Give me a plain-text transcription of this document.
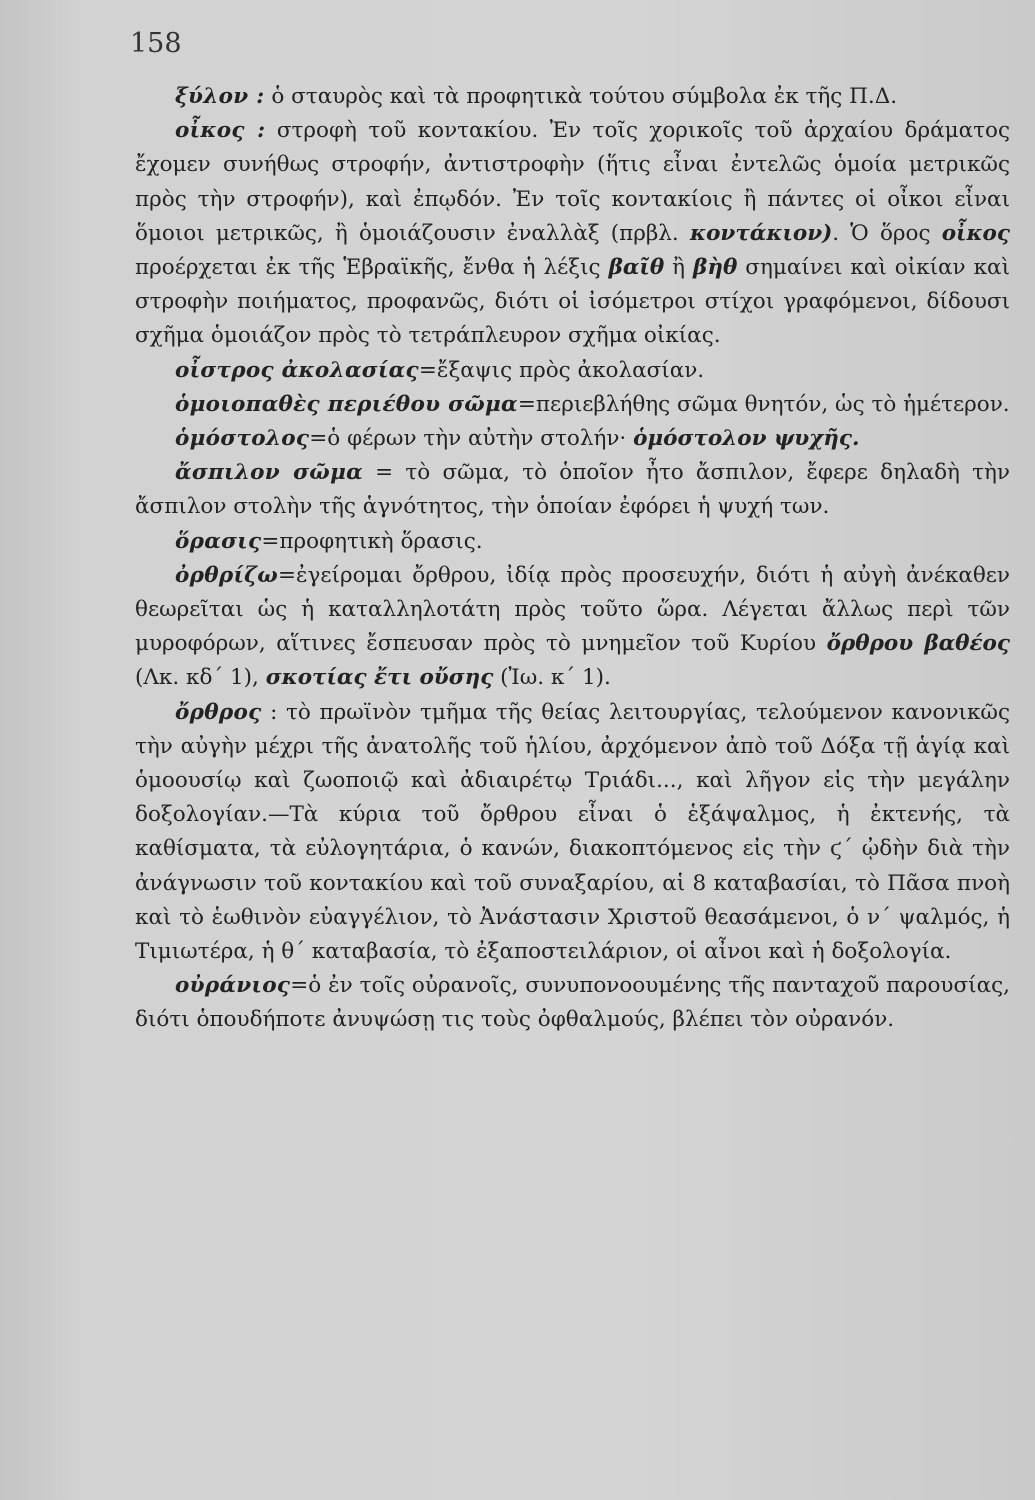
158

ξύλον : ὁ σταυρὸς καὶ τὰ προφητικὰ τούτου σύμβολα ἐκ τῆς Π.Δ.

οἶκος : στροφὴ τοῦ κοντακίου. Ἐν τοῖς χορικοῖς τοῦ ἀρχαίου δράματος ἔχομεν συνήθως στροφήν, ἀντιστροφὴν (ἥτις εἶναι ἐντελῶς ὁμοία μετρικῶς πρὸς τὴν στροφήν), καὶ ἐπῳδόν. Ἐν τοῖς κοντακίοις ἢ πάντες οἱ οἶκοι εἶναι ὅμοιοι μετρικῶς, ἢ ὁμοιάζουσιν ἐναλλὰξ (πρβλ. κοντάκιον). Ὁ ὅρος οἶκος προέρχεται ἐκ τῆς Ἑβραϊκῆς, ἔνθα ἡ λέξις βαῖθ ἢ βὴθ σημαίνει καὶ οἰκίαν καὶ στροφὴν ποιήματος, προφανῶς, διότι οἱ ἰσόμετροι στίχοι γραφόμενοι, δίδουσι σχῆμα ὁμοιάζον πρὸς τὸ τετράπλευρον σχῆμα οἰκίας.

οἶστρος ἀκολασίας=ἔξαψις πρὸς ἀκολασίαν.

ὁμοιοπαθὲς περιέθου σῶμα=περιεβλήθης σῶμα θνητόν, ὡς τὸ ἡμέτερον.

ὁμόστολος=ὁ φέρων τὴν αὐτὴν στολήν· ὁμόστολον ψυχῆς.

ἄσπιλον σῶμα = τὸ σῶμα, τὸ ὁποῖον ἦτο ἄσπιλον, ἔφερε δηλαδὴ τὴν ἄσπιλον στολὴν τῆς ἁγνότητος, τὴν ὁποίαν ἐφόρει ἡ ψυχή των.

ὅρασις=προφητικὴ ὅρασις.

ὀρθρίζω=ἐγείρομαι ὄρθρου, ἰδίᾳ πρὸς προσευχήν, διότι ἡ αὐγὴ ἀνέκαθεν θεωρεῖται ὡς ἡ καταλληλοτάτη πρὸς τοῦτο ὥρα. Λέγεται ἄλλως περὶ τῶν μυροφόρων, αἵτινες ἔσπευσαν πρὸς τὸ μνημεῖον τοῦ Κυρίου ὄρθρου βαθέος (Λκ. κδ΄ 1), σκοτίας ἔτι οὔσης (Ἰω. κ΄ 1).

ὄρθρος : τὸ πρωϊνὸν τμῆμα τῆς θείας λειτουργίας, τελούμενον κανονικῶς τὴν αὐγὴν μέχρι τῆς ἀνατολῆς τοῦ ἡλίου, ἀρχόμενον ἀπὸ τοῦ Δόξα τῇ ἁγίᾳ καὶ ὁμοουσίῳ καὶ ζωοποιῷ καὶ ἀδιαιρέτῳ Τριάδι..., καὶ λῆγον εἰς τὴν μεγάλην δοξολογίαν.—Τὰ κύρια τοῦ ὄρθρου εἶναι ὁ ἑξάψαλμος, ἡ ἐκτενής, τὰ καθίσματα, τὰ εὐλογητάρια, ὁ κανών, διακοπτόμενος εἰς τὴν ϛ΄ ᾠδὴν διὰ τὴν ἀνάγνωσιν τοῦ κοντακίου καὶ τοῦ συναξαρίου, αἱ 8 καταβασίαι, τὸ Πᾶσα πνοὴ καὶ τὸ ἑωθινὸν εὐαγγέλιον, τὸ Ἀνάστασιν Χριστοῦ θεασάμενοι, ὁ ν΄ ψαλμός, ἡ Τιμιωτέρα, ἡ θ΄ καταβασία, τὸ ἐξαποστειλάριον, οἱ αἶνοι καὶ ἡ δοξολογία.

οὐράνιος=ὁ ἐν τοῖς οὐρανοῖς, συνυπονοουμένης τῆς πανταχοῦ παρουσίας, διότι ὁπουδήποτε ἀνυψώσῃ τις τοὺς ὀφθαλμούς, βλέπει τὸν οὐρανόν.
